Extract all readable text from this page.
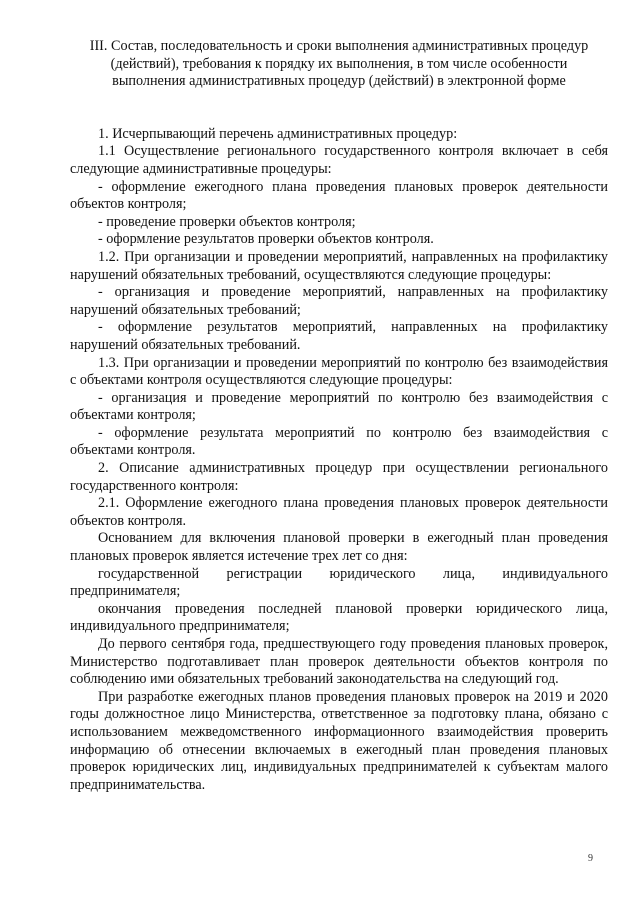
III. Состав, последовательность и сроки выполнения административных процедур (действий), требования к порядку их выполнения, в том числе особенности выполнения административных процедур (действий) в электронной форме

1. Исчерпывающий перечень административных процедур:

1.1 Осуществление регионального государственного контроля включает в себя следующие административные процедуры:

- оформление ежегодного плана проведения плановых проверок деятельности объектов контроля;

- проведение проверки объектов контроля;

- оформление результатов проверки объектов контроля.

1.2. При организации и проведении мероприятий, направленных на профилактику нарушений обязательных требований, осуществляются следующие процедуры:

- организация и проведение мероприятий, направленных на профилактику нарушений обязательных требований;

- оформление результатов мероприятий, направленных на профилактику нарушений обязательных требований.

1.3. При организации и проведении мероприятий по контролю без взаимодействия с объектами контроля осуществляются следующие процедуры:

- организация и проведение мероприятий по контролю без взаимодействия с объектами контроля;

- оформление результата мероприятий по контролю без взаимодействия с объектами контроля.

2. Описание административных процедур при осуществлении регионального государственного контроля:

2.1. Оформление ежегодного плана проведения плановых проверок деятельности объектов контроля.

Основанием для включения плановой проверки в ежегодный план проведения плановых проверок является истечение трех лет со дня:

государственной регистрации юридического лица, индивидуального предпринимателя;

окончания проведения последней плановой проверки юридического лица, индивидуального предпринимателя;

До первого сентября года, предшествующего году проведения плановых проверок, Министерство подготавливает план проверок деятельности объектов контроля по соблюдению ими обязательных требований законодательства на следующий год.

При разработке ежегодных планов проведения плановых проверок на 2019 и 2020 годы должностное лицо Министерства, ответственное за подготовку плана, обязано с использованием межведомственного информационного взаимодействия проверить информацию об отнесении включаемых в ежегодный план проведения плановых проверок юридических лиц, индивидуальных предпринимателей к субъектам малого предпринимательства.

9
